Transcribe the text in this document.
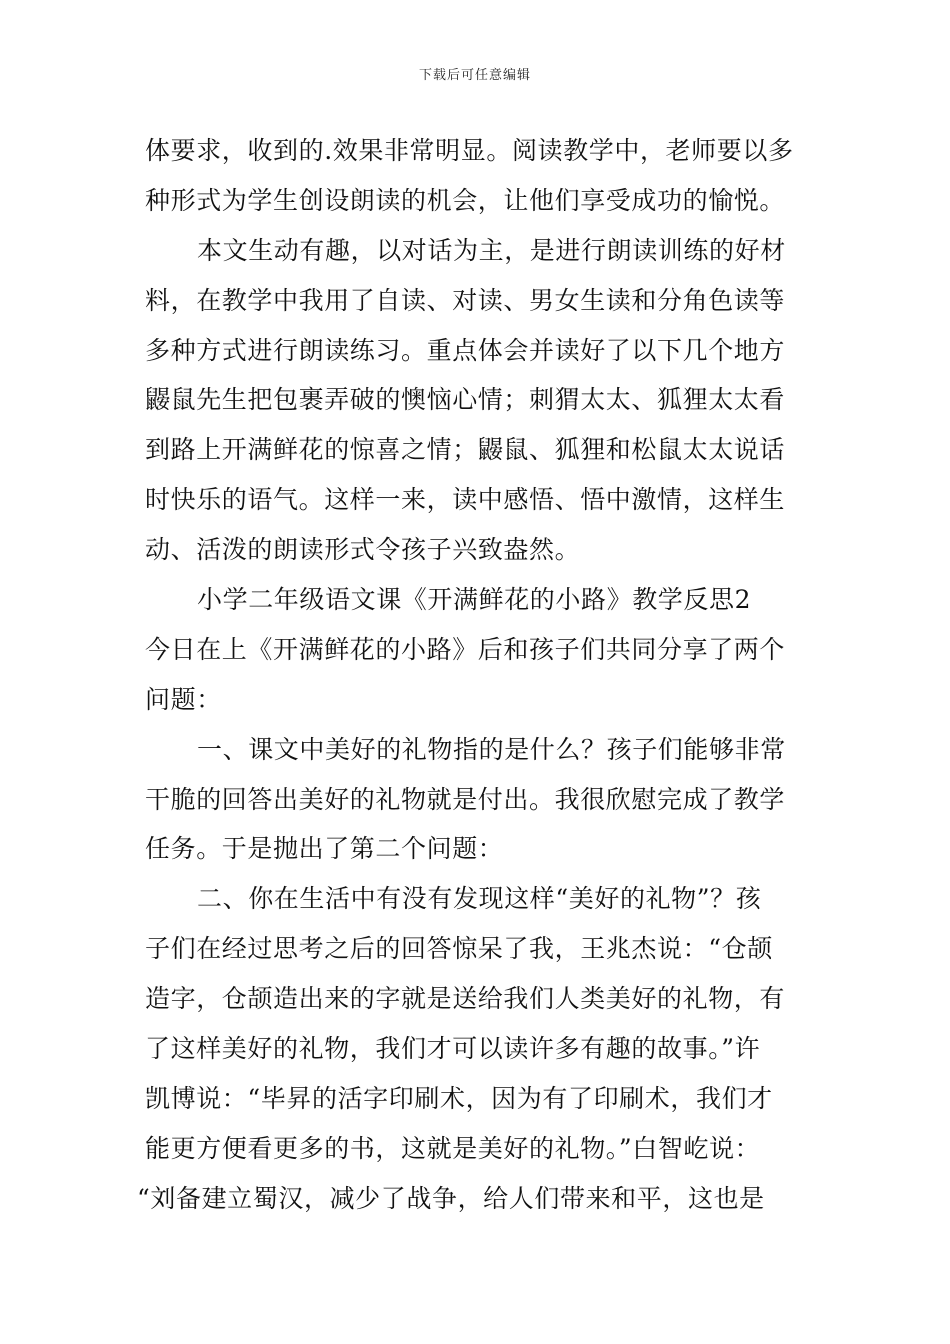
下载后可任意编辑
体要求，收到的.效果非常明显。阅读教学中，老师要以多
种形式为学生创设朗读的机会，让他们享受成功的愉悦。
本文生动有趣，以对话为主，是进行朗读训练的好材
料，在教学中我用了自读、对读、男女生读和分角色读等
多种方式进行朗读练习。重点体会并读好了以下几个地方
鼹鼠先生把包裹弄破的懊恼心情；刺猬太太、狐狸太太看
到路上开满鲜花的惊喜之情；鼹鼠、狐狸和松鼠太太说话
时快乐的语气。这样一来，读中感悟、悟中激情，这样生
动、活泼的朗读形式令孩子兴致盎然。
小学二年级语文课《开满鲜花的小路》教学反思2
今日在上《开满鲜花的小路》后和孩子们共同分享了两个
问题：
一、课文中美好的礼物指的是什么？孩子们能够非常
干脆的回答出美好的礼物就是付出。我很欣慰完成了教学
任务。于是抛出了第二个问题：
二、你在生活中有没有发现这样“美好的礼物”？孩
子们在经过思考之后的回答惊呆了我，王兆杰说：“仓颉
造字，仓颉造出来的字就是送给我们人类美好的礼物，有
了这样美好的礼物，我们才可以读许多有趣的故事。”许
凯博说：“毕昇的活字印刷术，因为有了印刷术，我们才
能更方便看更多的书，这就是美好的礼物。”白智屹说：
“刘备建立蜀汉，减少了战争，给人们带来和平，这也是
